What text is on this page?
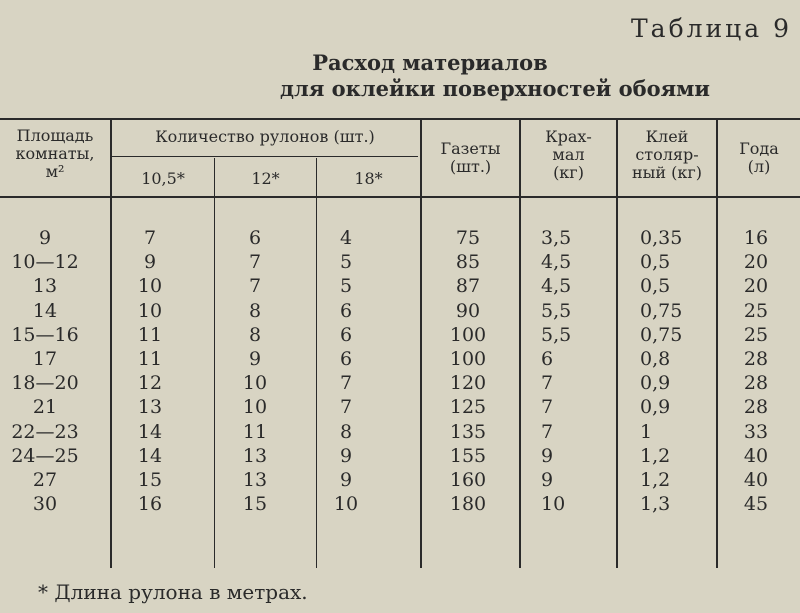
Таблица 9
Расход материалов
для оклейки поверхностей обоями
Площадь
комнаты,
м²
Количество рулонов (шт.)
10,5*	12*	18*
Газеты
(шт.)
Крах-
мал
(кг)
Клей
столяр-
ный (кг)
Года
(л)
9
10—12
13
14
15—16
17
18—20
21
22—23
24—25
27
30
7
9
10
10
11
11
12
13
14
14
15
16
6
7
7
8
8
9
10
10
11
13
13
15
4
5
5
6
6
6
7
7
8
9
9
10
75
85
87
90
100
100
120
125
135
155
160
180
3,5
4,5
4,5
5,5
5,5
6
7
7
7
9
9
10
0,35
0,5
0,5
0,75
0,75
0,8
0,9
0,9
1
1,2
1,2
1,3
16
20
20
25
25
28
28
28
33
40
40
45
* Длина рулона в метрах.
